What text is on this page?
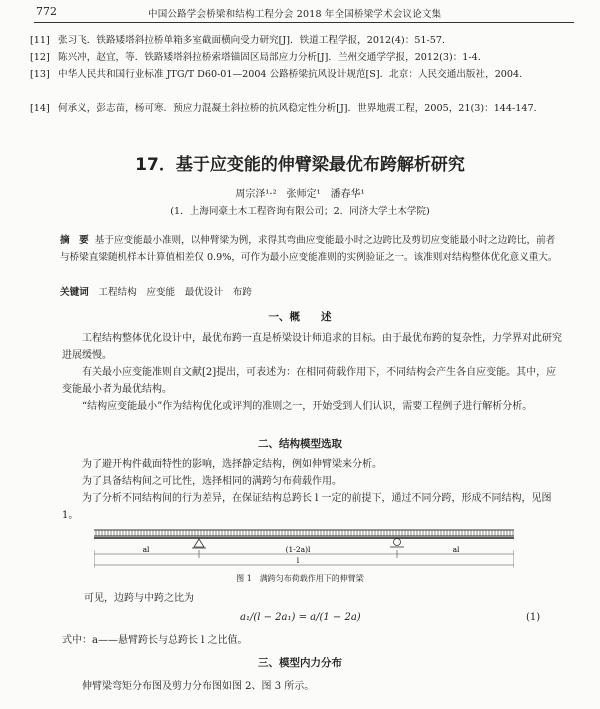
772	中国公路学会桥梁和结构工程分会 2018 年全国桥梁学术会议论文集
[11] 张习飞．铁路矮塔斜拉桥单箱多室截面横向受力研究[J]．铁道工程学报，2012(4)：51-57.
[12] 陈兴冲，赵宜，等．铁路矮塔斜拉桥索塔锚固区局部应力分析[J]．兰州交通学学报，2012(3)：1-4.
[13] 中华人民共和国行业标准 JTG/T D60-01—2004 公路桥梁抗风设计规范[S]．北京：人民交通出版社，2004.
[14] 何承义，彭志苗，杨可寒．预应力混凝土斜拉桥的抗风稳定性分析[J]．世界地震工程，2005，21(3)：144-147.
17．基于应变能的伸臂梁最优布跨解析研究
周宗泽¹·²　张师定¹　潘春华¹
(1．上海同豪土木工程咨询有限公司；2．同济大学土木学院)
摘　要 基于应变能最小准则，以伸臂梁为例，求得其弯曲应变能最小时之边跨比及剪切应变能最小时之边跨比，前者与桥梁直梁随机样本计算值相差仅 0.9%，可作为最小应变能准则的实例验证之一。该准则对结构整体优化意义重大。
关键词　 工程结构　应变能　最优设计　布跨
一、概　　述
工程结构整体优化设计中，最优布跨一直是桥梁设计师追求的目标。由于最优布跨的复杂性，力学界对此研究进展缓慢。
有关最小应变能准则自文献[2]提出，可表述为：在相同荷载作用下，不同结构会产生各自应变能。其中，应变能最小者为最优结构。
“结构应变能最小”作为结构优化或评判的准则之一，开始受到人们认识，需要工程例子进行解析分析。
二、结构模型选取
为了避开构件截面特性的影响，选择静定结构，例如伸臂梁来分析。
为了具备结构间之可比性，选择相同的满跨匀布荷载作用。
为了分析不同结构间的行为差异，在保证结构总跨长 l 一定的前提下，通过不同分跨，形成不同结构，见图 1。
al	(1-2a)l	al
l
图 1　满跨匀布荷载作用下的伸臂梁
可见，边跨与中跨之比为
a₁/(l − 2a₁) = a/(1 − 2a)	(1)
式中：a——悬臂跨长与总跨长 l 之比值。
三、模型内力分布
伸臂梁弯矩分布图及剪力分布图如图 2、图 3 所示。
